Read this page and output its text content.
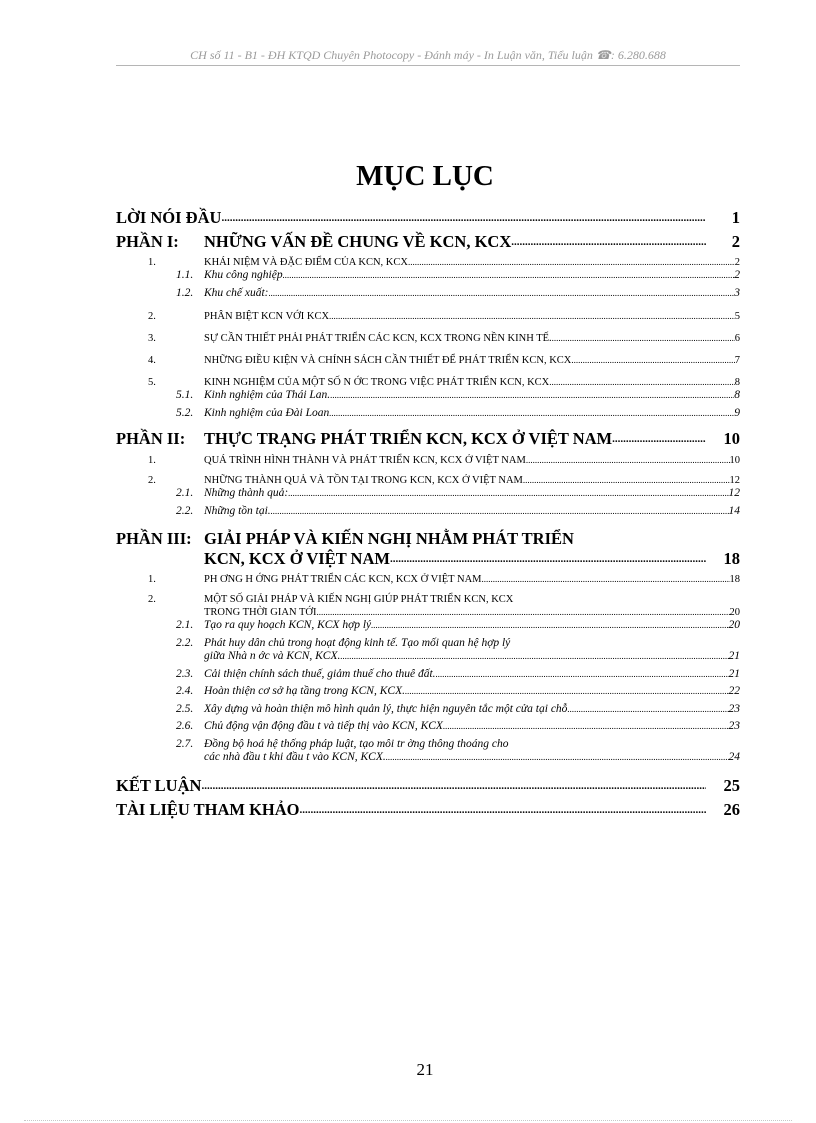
CH số 11 - B1 - ĐH KTQD Chuyên Photocopy - Đánh máy - In Luận văn, Tiểu luận ☎: 6.280.688
MỤC LỤC
LỜI NÓI ĐẦU .....	1
PHẦN I: NHỮNG VẤN ĐỀ CHUNG VỀ KCN, KCX .....	2
1.	KHÁI NIỆM VÀ ĐẶC ĐIỂM CỦA KCN, KCX .....	2
1.1. Khu công nghiệp .....	2
1.2. Khu chế xuất: .....	3
2.	PHÂN BIỆT KCN VỚI KCX .....	5
3.	SỰ CẦN THIẾT PHẢI PHÁT TRIỂN CÁC KCN, KCX TRONG NỀN KINH TẾ. .....	6
4.	NHỮNG ĐIỀU KIỆN VÀ CHÍNH SÁCH CẦN THIẾT ĐỂ PHÁT TRIỂN KCN, KCX .....	7
5.	KINH NGHIỆM CỦA MỘT SỐ N ỚC TRONG VIỆC PHÁT TRIỂN KCN, KCX .....	8
5.1. Kinh nghiệm của Thái Lan. .....	8
5.2. Kinh nghiệm của Đài Loan .....	9
PHẦN II: THỰC TRẠNG PHÁT TRIỂN KCN, KCX Ở VIỆT NAM .....	10
1.	QUÁ TRÌNH HÌNH THÀNH VÀ PHÁT TRIỂN KCN, KCX Ở VIỆT NAM .....	10
2.	NHỮNG THÀNH QUẢ VÀ TỒN TẠI TRONG KCN, KCX Ở VIỆT NAM .....	12
2.1. Những thành quả: .....	12
2.2. Những tồn tại. .....	14
PHẦN III: GIẢI PHÁP VÀ KIẾN NGHỊ NHẰM PHÁT TRIỂN
KCN, KCX Ở VIỆT NAM .....	18
1.	PH ƠNG H ỚNG PHÁT TRIỂN CÁC KCN, KCX Ở VIỆT NAM .....	18
2.	MỘT SỐ GIẢI PHÁP VÀ KIẾN NGHỊ GIÚP PHÁT TRIỂN KCN, KCX
TRONG THỜI GIAN TỚI .....	20
2.1. Tạo ra quy hoạch KCN, KCX hợp lý .....	20
2.2. Phát huy dân chủ trong hoạt động kinh tế. Tạo mối quan hệ hợp lý
giữa Nhà n ớc và KCN, KCX. .....	21
2.3. Cải thiện chính sách thuế, giảm thuế cho thuê đất. .....	21
2.4. Hoàn thiện cơ sở hạ tầng trong KCN, KCX. .....	22
2.5. Xây dựng và hoàn thiện mô hình quản lý, thực hiện nguyên tắc một cửa tại chỗ .....	23
2.6. Chủ động vận động đầu t và tiếp thị vào KCN, KCX .....	23
2.7. Đồng bộ hoá hệ thống pháp luật, tạo môi tr ờng thông thoáng cho
các nhà đầu t khi đầu t vào KCN, KCX. .....	24
KẾT LUẬN .....	25
TÀI LIỆU THAM KHẢO .....	26
21
